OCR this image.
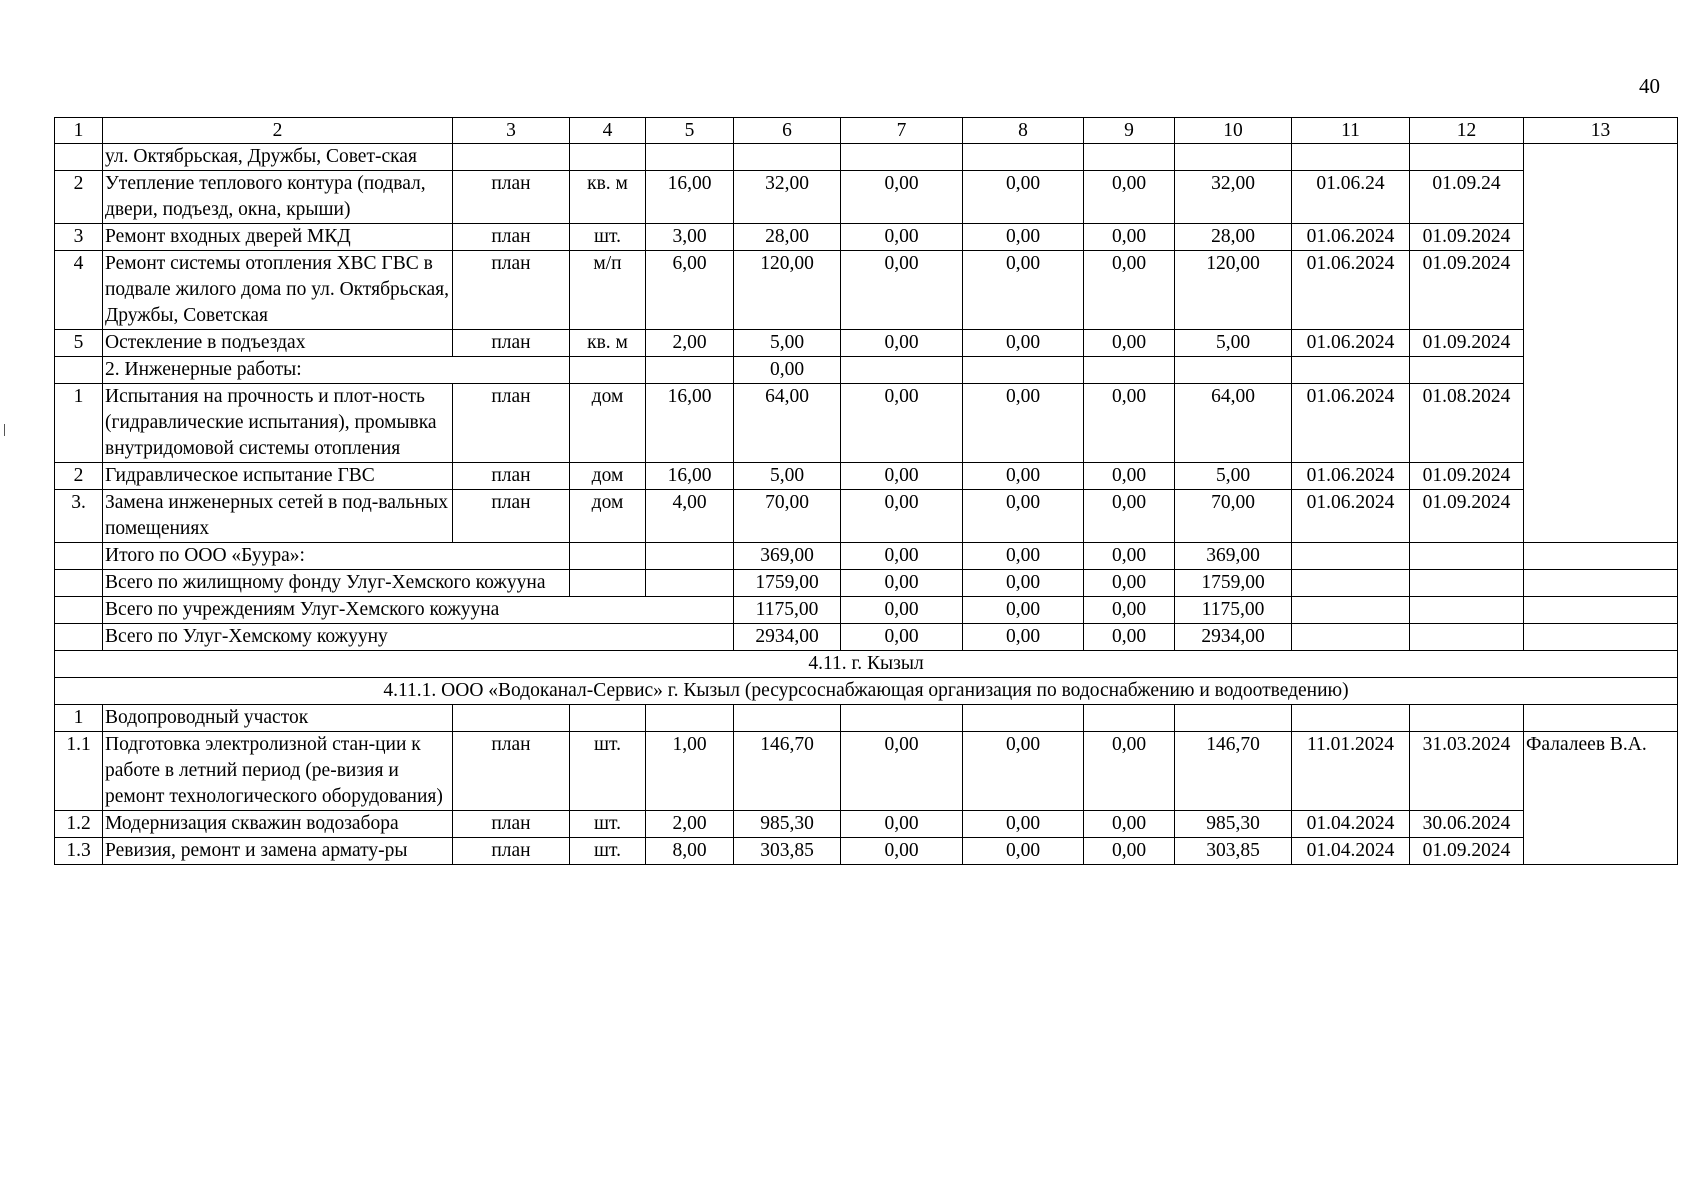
40
1	2	3	4	5	6	7	8	9	10	11	12	13
	ул. Октябрьская, Дружбы, Совет-ская											
2	Утепление теплового контура (подвал, двери, подъезд, окна, крыши)	план	кв. м	16,00	32,00	0,00	0,00	0,00	32,00	01.06.24	01.09.24	
3	Ремонт входных дверей МКД	план	шт.	3,00	28,00	0,00	0,00	0,00	28,00	01.06.2024	01.09.2024	
4	Ремонт системы отопления ХВС ГВС в подвале жилого дома по ул. Октябрьская, Дружбы, Советская	план	м/п	6,00	120,00	0,00	0,00	0,00	120,00	01.06.2024	01.09.2024	
5	Остекление в подъездах	план	кв. м	2,00	5,00	0,00	0,00	0,00	5,00	01.06.2024	01.09.2024	
	2. Инженерные работы:				0,00							
1	Испытания на прочность и плот-ность (гидравлические испытания), промывка внутридомовой системы отопления	план	дом	16,00	64,00	0,00	0,00	0,00	64,00	01.06.2024	01.08.2024	
2	Гидравлическое испытание ГВС	план	дом	16,00	5,00	0,00	0,00	0,00	5,00	01.06.2024	01.09.2024	
3.	Замена инженерных сетей в под-вальных помещениях	план	дом	4,00	70,00	0,00	0,00	0,00	70,00	01.06.2024	01.09.2024	
	Итого по ООО «Буура»:				369,00	0,00	0,00	0,00	369,00			
	Всего по жилищному фонду Улуг-Хемского кожууна				1759,00	0,00	0,00	0,00	1759,00			
	Всего по учреждениям Улуг-Хемского кожууна				1175,00	0,00	0,00	0,00	1175,00			
	Всего по Улуг-Хемскому кожууну				2934,00	0,00	0,00	0,00	2934,00			
4.11. г. Кызыл												
4.11.1. ООО «Водоканал-Сервис» г. Кызыл (ресурсоснабжающая организация по водоснабжению и водоотведению)												
1	Водопроводный участок											
1.1	Подготовка электролизной стан-ции к работе в летний период (ре-визия и ремонт технологического оборудования)	план	шт.	1,00	146,70	0,00	0,00	0,00	146,70	11.01.2024	31.03.2024	Фалалеев В.А.
1.2	Модернизация скважин водозабора	план	шт.	2,00	985,30	0,00	0,00	0,00	985,30	01.04.2024	30.06.2024	
1.3	Ревизия, ремонт и замена армату-ры	план	шт.	8,00	303,85	0,00	0,00	0,00	303,85	01.04.2024	01.09.2024	
